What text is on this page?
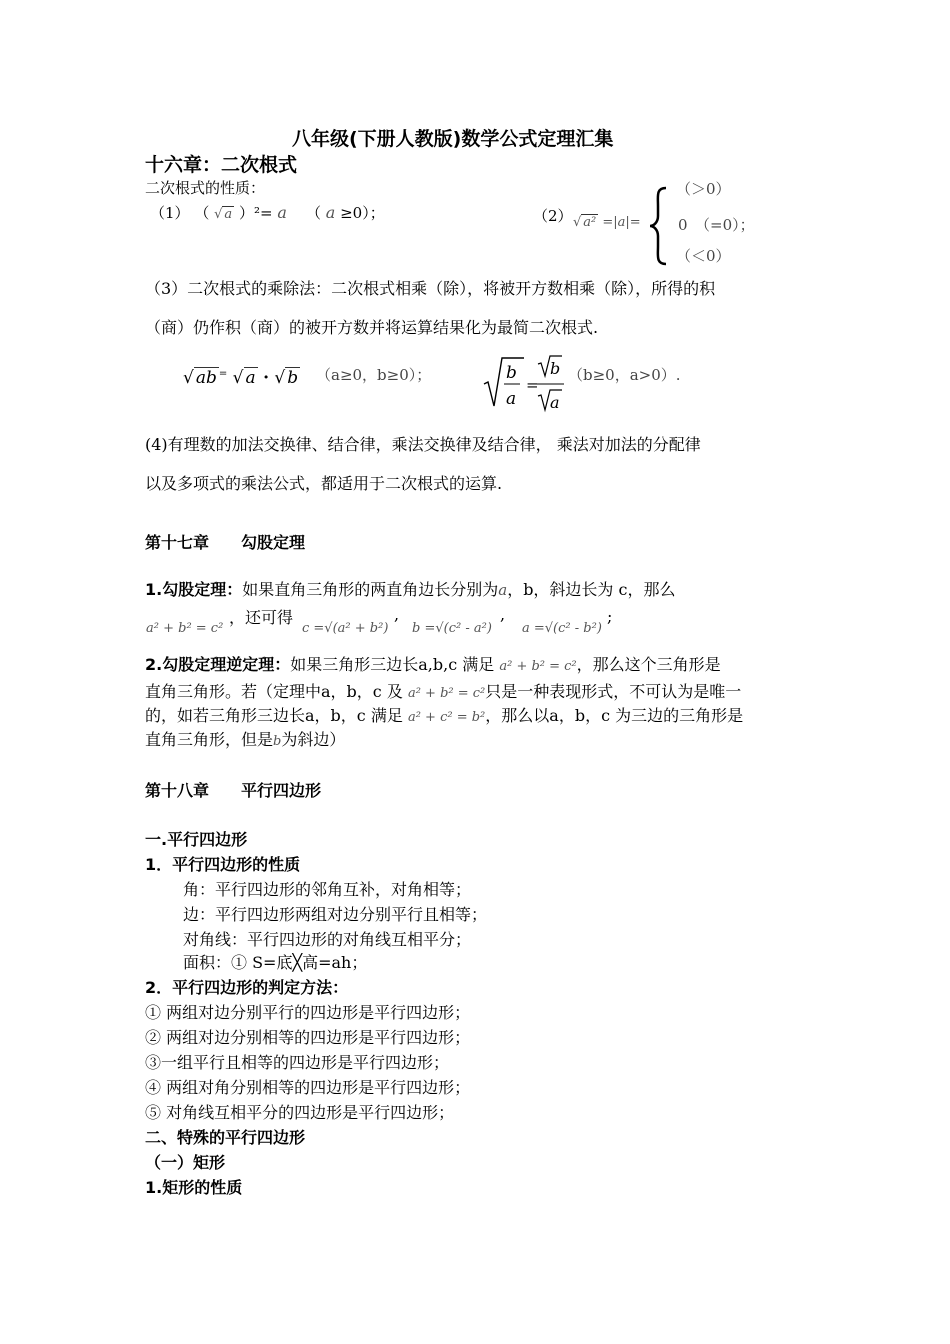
八年级(下册人教版)数学公式定理汇集
十六章：二次根式
二次根式的性质：
（1） （ √ a ）²= a （ a ≥0）；	（2） √ a² =|a|=
（＞0）
0　（=0）；
（＜0）
（3）二次根式的乘除法：二次根式相乘（除），将被开方数相乘（除），所得的积
（商）仍作积（商）的被开方数并将运算结果化为最简二次根式.
√ ab = √ a · √ b （a≥0，b≥0）；	b
a
=
b
a
（b≥0，a>0）.
(4)有理数的加法交换律、结合律，乘法交换律及结合律， 乘法对加法的分配律
以及多项式的乘法公式，都适用于二次根式的运算.
第十七章　　勾股定理
1.勾股定理：如果直角三角形的两直角边长分别为a，b，斜边长为 c，那么
a² + b² = c²
，还可得
c =√(a² + b²)
,
b =√(c² - a²)
,
a =√(c² - b²)
;
2.勾股定理逆定理：如果三角形三边长a,b,c 满足 a² + b² = c²，那么这个三角形是
直角三角形。若（定理中a，b，c 及 a² + b² = c²只是一种表现形式，不可认为是唯一
的，如若三角形三边长a，b，c 满足 a² + c² = b²，那么以a，b，c 为三边的三角形是
直角三角形，但是b为斜边）
第十八章　　平行四边形
一.平行四边形
1．平行四边形的性质
角：平行四边形的邻角互补，对角相等；
边：平行四边形两组对边分别平行且相等；
对角线：平行四边形的对角线互相平分；
面积：① S=底╳高=ah；
2．平行四边形的判定方法：
① 两组对边分别平行的四边形是平行四边形；
② 两组对边分别相等的四边形是平行四边形；
③一组平行且相等的四边形是平行四边形；
④ 两组对角分别相等的四边形是平行四边形；
⑤ 对角线互相平分的四边形是平行四边形；
二、特殊的平行四边形
（一）矩形
1.矩形的性质
